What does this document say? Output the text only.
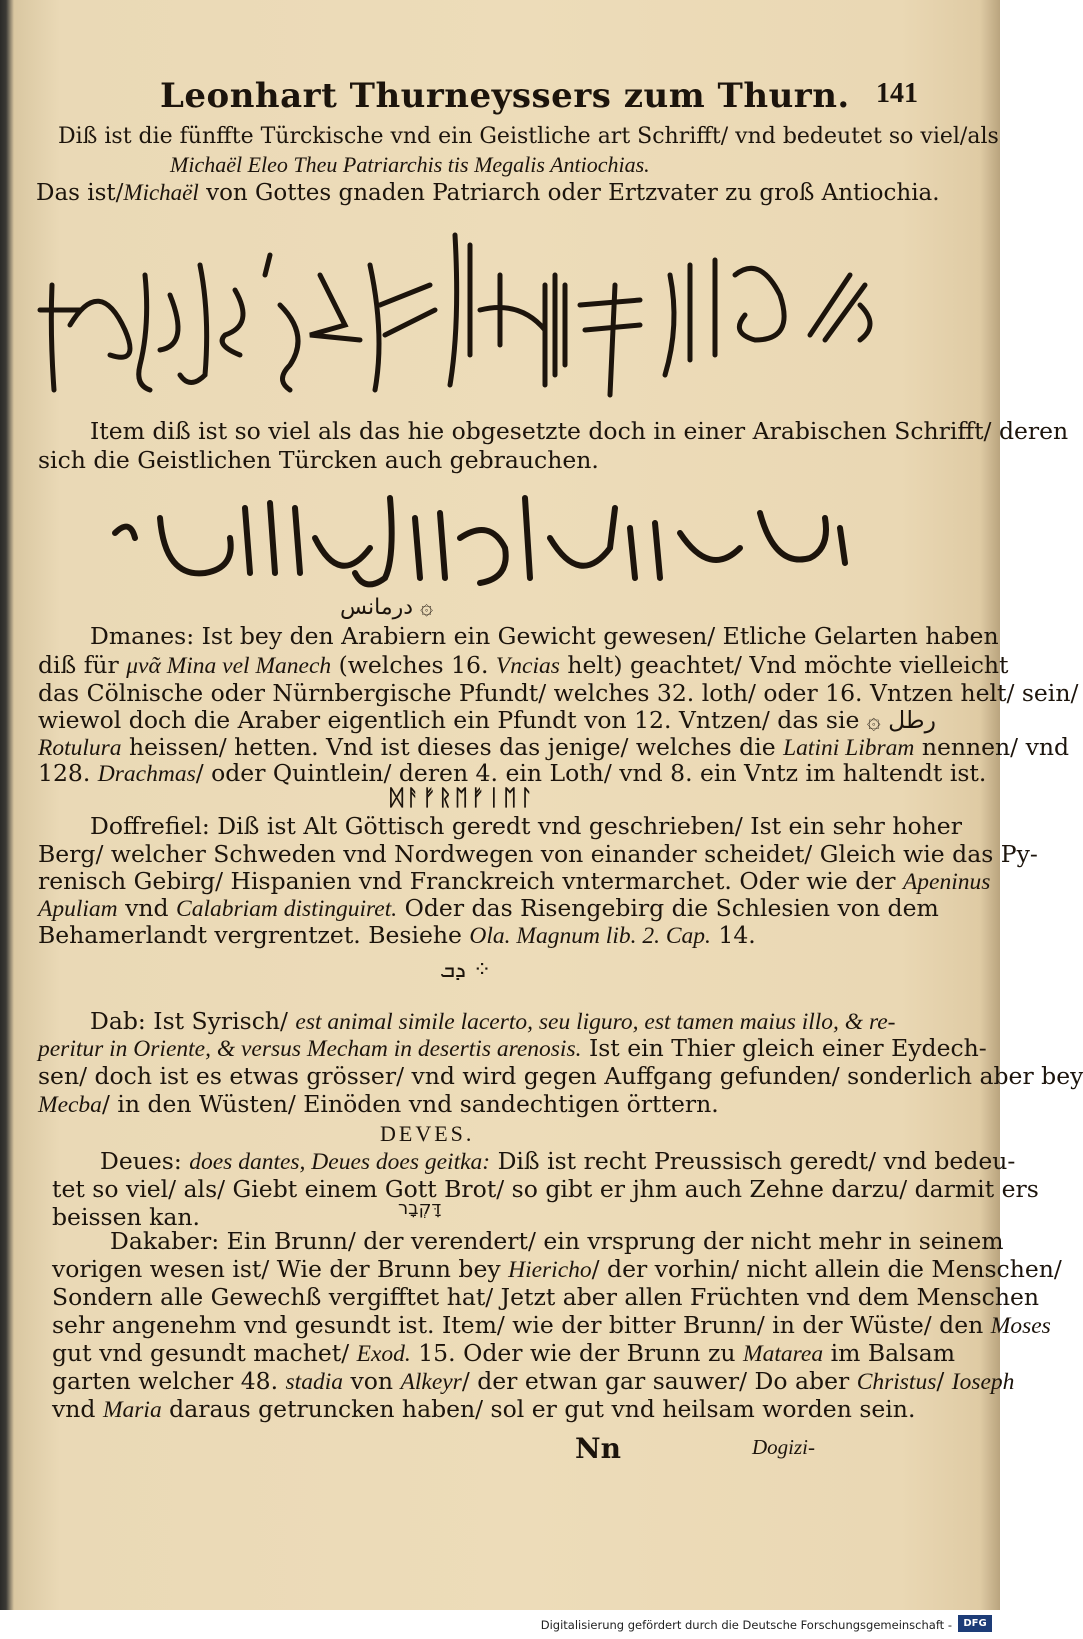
Leonhart Thurneyssers zum Thurn. 141
Diß ist die fünffte Türckische vnd ein Geistliche art Schrifft/ vnd bedeutet so viel/als
Michaël Eleo Theu Patriarchis tis Megalis Antiochias.
Das ist/Michaël von Gottes gnaden Patriarch oder Ertzvater zu groß Antiochia.
Item diß ist so viel als das hie obgesetzte doch in einer Arabischen Schrifft/ deren
sich die Geistlichen Türcken auch gebrauchen.
درمانس ۞
Dmanes: Ist bey den Arabiern ein Gewicht gewesen/ Etliche Gelarten haben
diß für μνᾶ Mina vel Manech (welches 16. Vncias helt) geachtet/ Vnd möchte vielleicht
das Cölnische oder Nürnbergische Pfundt/ welches 32. loth/ oder 16. Vntzen helt/ sein/
wiewol doch die Araber eigentlich ein Pfundt von 12. Vntzen/ das sie ۞ رطل
Rotulura heissen/ hetten. Vnd ist dieses das jenige/ welches die Latini Libram nennen/ vnd
128. Drachmas/ oder Quintlein/ deren 4. ein Loth/ vnd 8. ein Vntz im haltendt ist.
ᛞᚨᚠᚱᛖᚠᛁᛖᛚ
Doffrefiel: Diß ist Alt Göttisch geredt vnd geschrieben/ Ist ein sehr hoher
Berg/ welcher Schweden vnd Nordwegen von einander scheidet/ Gleich wie das Py-
renisch Gebirg/ Hispanien vnd Franckreich vntermarchet. Oder wie der Apeninus
Apuliam vnd Calabriam distinguiret. Oder das Risengebirg die Schlesien von dem
Behamerlandt vergrentzet. Besiehe Ola. Magnum lib. 2. Cap. 14.
ܕܒ ⁘
Dab: Ist Syrisch/ est animal simile lacerto, seu liguro, est tamen maius illo, & re-
peritur in Oriente, & versus Mecham in desertis arenosis. Ist ein Thier gleich einer Eydech-
sen/ doch ist es etwas grösser/ vnd wird gegen Auffgang gefunden/ sonderlich aber bey
Mecba/ in den Wüsten/ Einöden vnd sandechtigen örttern.
DEVES.
Deues: does dantes, Deues does geitka: Diß ist recht Preussisch geredt/ vnd bedeu-
tet so viel/ als/ Giebt einem Gott Brot/ so gibt er jhm auch Zehne darzu/ darmit ers
beissen kan.	דָּקְבָר
Dakaber: Ein Brunn/ der verendert/ ein vrsprung der nicht mehr in seinem
vorigen wesen ist/ Wie der Brunn bey Hiericho/ der vorhin/ nicht allein die Menschen/
Sondern alle Gewechß vergifftet hat/ Jetzt aber allen Früchten vnd dem Menschen
sehr angenehm vnd gesundt ist. Item/ wie der bitter Brunn/ in der Wüste/ den Moses
gut vnd gesundt machet/ Exod. 15. Oder wie der Brunn zu Matarea im Balsam
garten welcher 48. stadia von Alkeyr/ der etwan gar sauwer/ Do aber Christus/ Ioseph
vnd Maria daraus getruncken haben/ sol er gut vnd heilsam worden sein.
Nn	Dogizi-
Digitalisierung gefördert durch die Deutsche Forschungsgemeinschaft -	DFG
